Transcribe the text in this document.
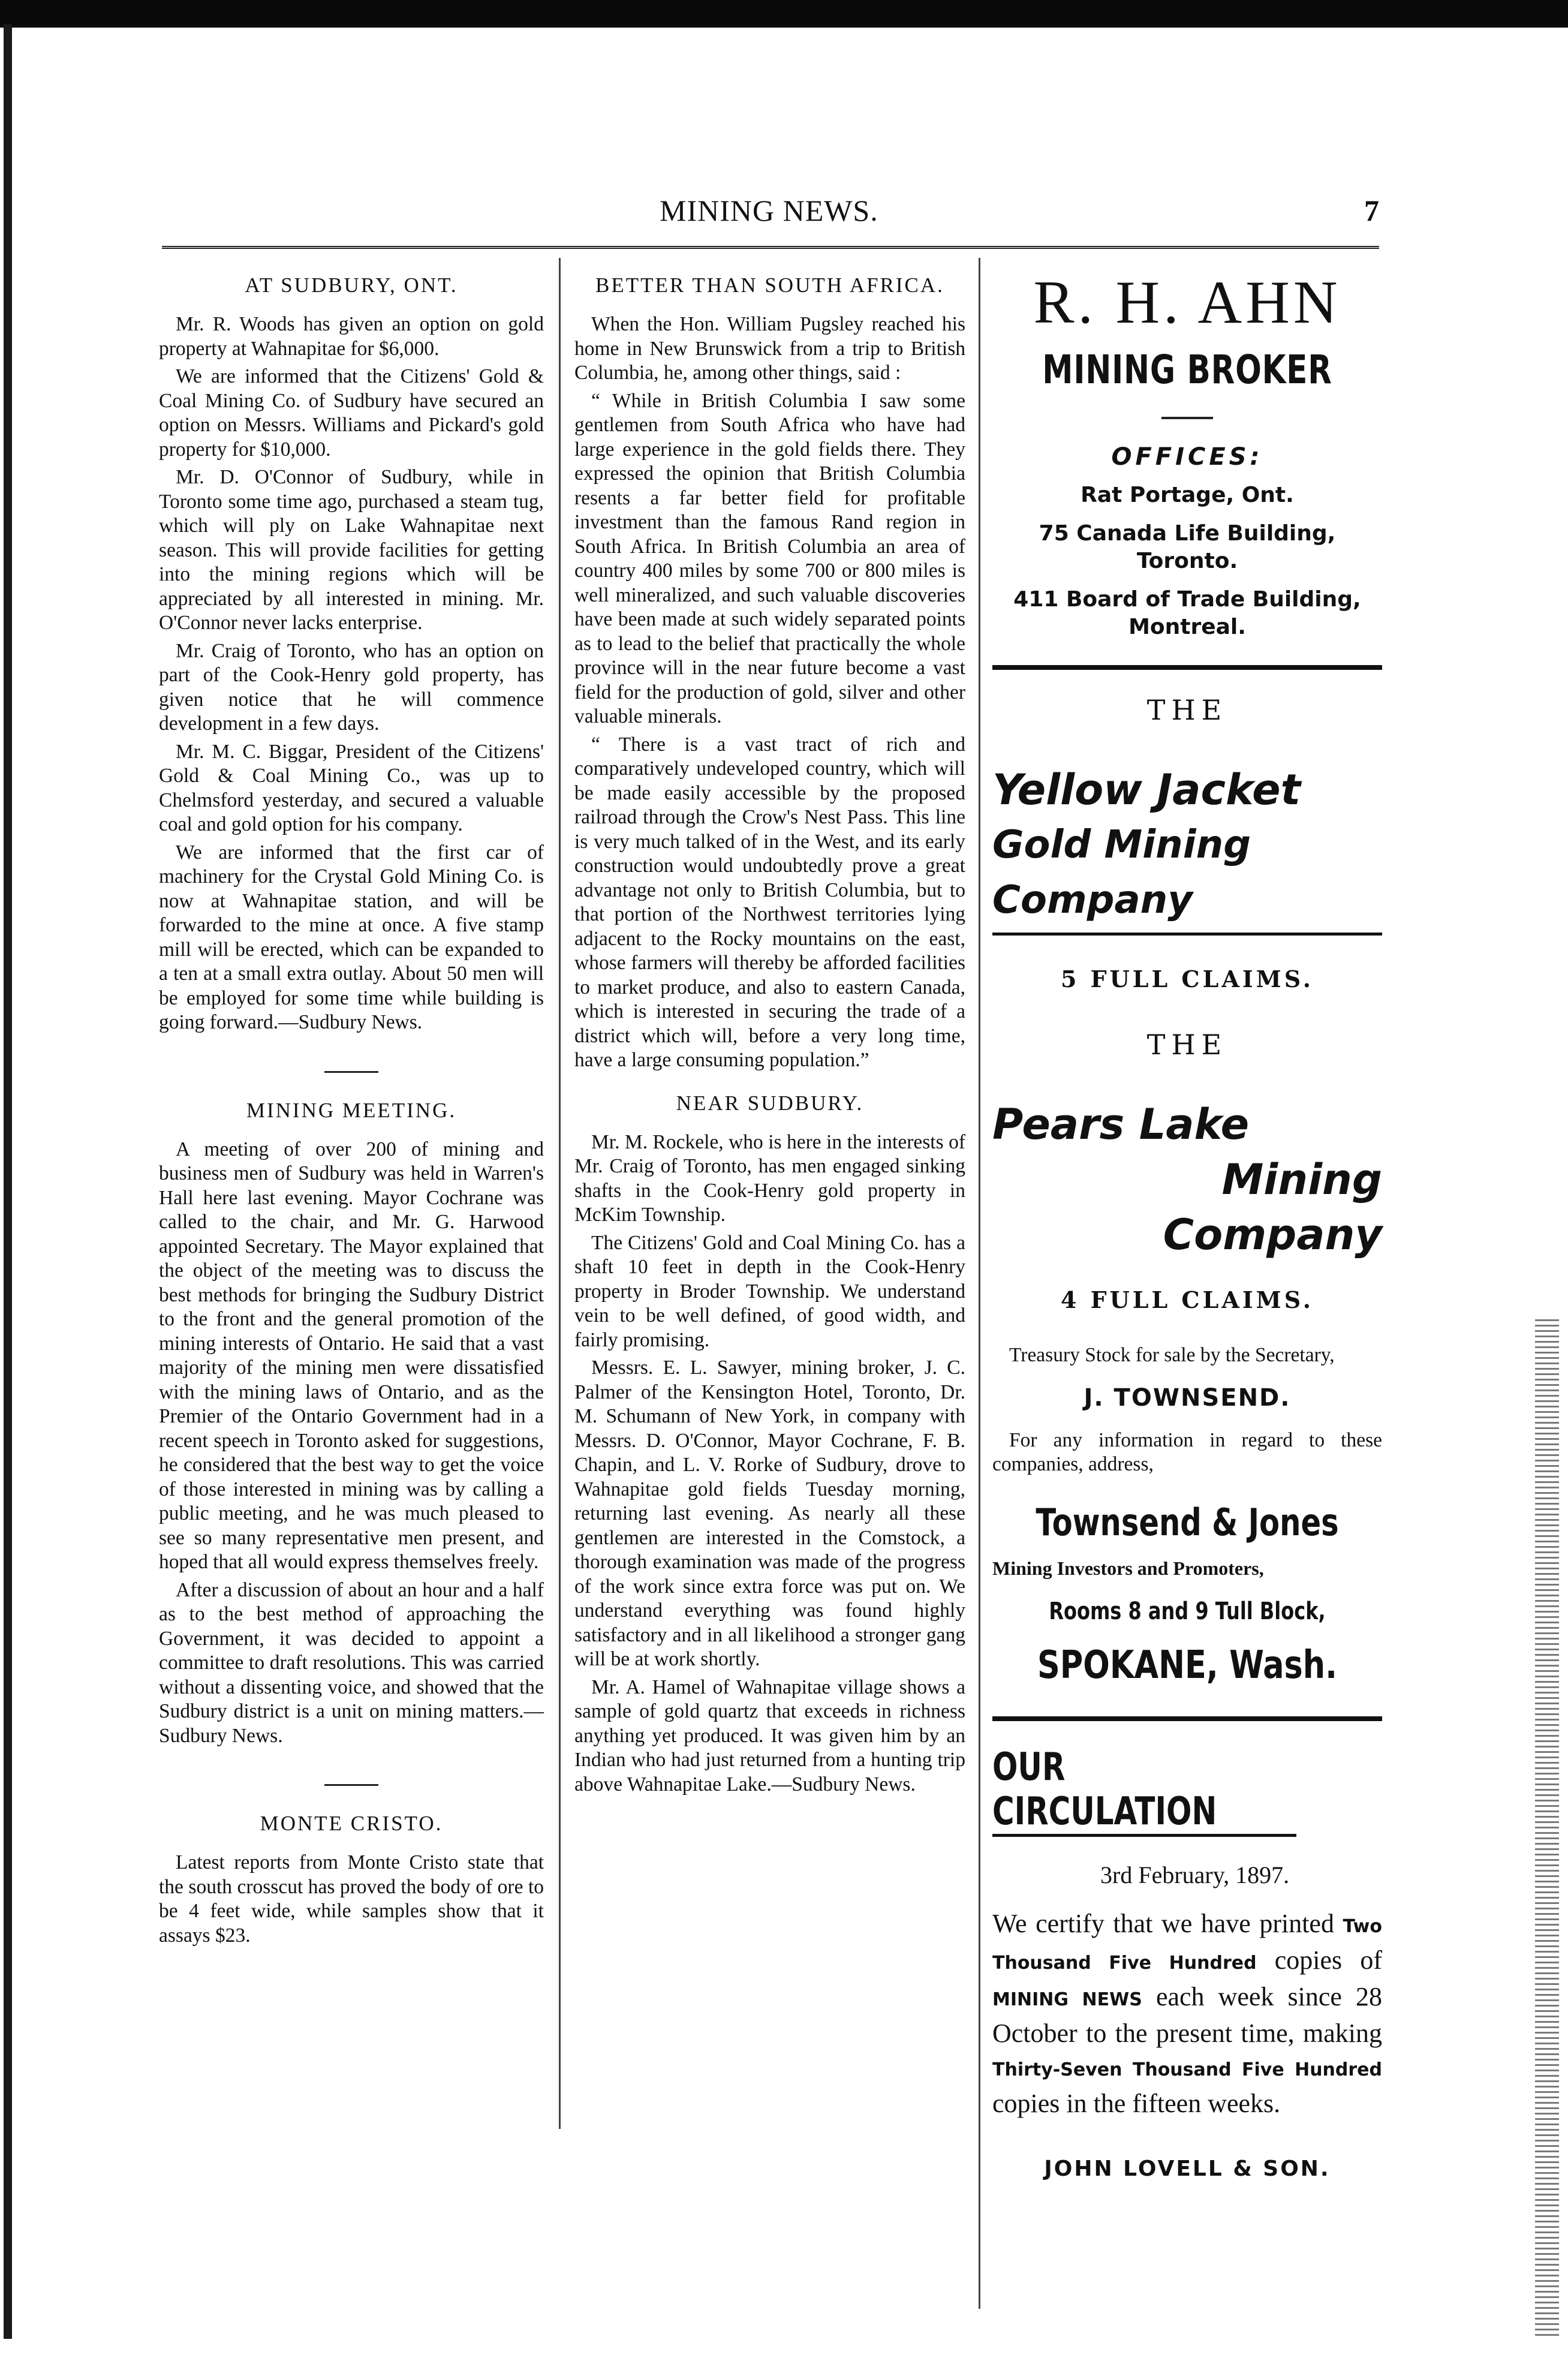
MINING NEWS.	7
AT SUDBURY, ONT.

Mr. R. Woods has given an option on gold property at Wahnapitae for $6,000.

We are informed that the Citizens' Gold & Coal Mining Co. of Sudbury have secured an option on Messrs. Williams and Pickard's gold property for $10,000.

Mr. D. O'Connor of Sudbury, while in Toronto some time ago, purchased a steam tug, which will ply on Lake Wahnapitae next season. This will provide facilities for getting into the mining regions which will be appreciated by all interested in mining. Mr. O'Connor never lacks enterprise.

Mr. Craig of Toronto, who has an option on part of the Cook-Henry gold property, has given notice that he will commence development in a few days.

Mr. M. C. Biggar, President of the Citizens' Gold & Coal Mining Co., was up to Chelmsford yesterday, and secured a valuable coal and gold option for his company.

We are informed that the first car of machinery for the Crystal Gold Mining Co. is now at Wahnapitae station, and will be forwarded to the mine at once. A five stamp mill will be erected, which can be expanded to a ten at a small extra outlay. About 50 men will be employed for some time while building is going forward.—Sudbury News.

MINING MEETING.

A meeting of over 200 of mining and business men of Sudbury was held in Warren's Hall here last evening. Mayor Cochrane was called to the chair, and Mr. G. Harwood appointed Secretary. The Mayor explained that the object of the meeting was to discuss the best methods for bringing the Sudbury District to the front and the general promotion of the mining interests of Ontario. He said that a vast majority of the mining men were dissatisfied with the mining laws of Ontario, and as the Premier of the Ontario Government had in a recent speech in Toronto asked for suggestions, he considered that the best way to get the voice of those interested in mining was by calling a public meeting, and he was much pleased to see so many representative men present, and hoped that all would express themselves freely.

After a discussion of about an hour and a half as to the best method of approaching the Government, it was decided to appoint a committee to draft resolutions. This was carried without a dissenting voice, and showed that the Sudbury district is a unit on mining matters.—Sudbury News.

MONTE CRISTO.

Latest reports from Monte Cristo state that the south crosscut has proved the body of ore to be 4 feet wide, while samples show that it assays $23.

BETTER THAN SOUTH AFRICA.

When the Hon. William Pugsley reached his home in New Brunswick from a trip to British Columbia, he, among other things, said :

“ While in British Columbia I saw some gentlemen from South Africa who have had large experience in the gold fields there. They expressed the opinion that British Columbia resents a far better field for profitable investment than the famous Rand region in South Africa. In British Columbia an area of country 400 miles by some 700 or 800 miles is well mineralized, and such valuable discoveries have been made at such widely separated points as to lead to the belief that practically the whole province will in the near future become a vast field for the production of gold, silver and other valuable minerals.

“ There is a vast tract of rich and comparatively undeveloped country, which will be made easily accessible by the proposed railroad through the Crow's Nest Pass. This line is very much talked of in the West, and its early construction would undoubtedly prove a great advantage not only to British Columbia, but to that portion of the Northwest territories lying adjacent to the Rocky mountains on the east, whose farmers will thereby be afforded facilities to market produce, and also to eastern Canada, which is interested in securing the trade of a district which will, before a very long time, have a large consuming population.”

NEAR SUDBURY.

Mr. M. Rockele, who is here in the interests of Mr. Craig of Toronto, has men engaged sinking shafts in the Cook-Henry gold property in McKim Township.

The Citizens' Gold and Coal Mining Co. has a shaft 10 feet in depth in the Cook-Henry property in Broder Township. We understand vein to be well defined, of good width, and fairly promising.

Messrs. E. L. Sawyer, mining broker, J. C. Palmer of the Kensington Hotel, Toronto, Dr. M. Schumann of New York, in company with Messrs. D. O'Connor, Mayor Cochrane, F. B. Chapin, and L. V. Rorke of Sudbury, drove to Wahnapitae gold fields Tuesday morning, returning last evening. As nearly all these gentlemen are interested in the Comstock, a thorough examination was made of the progress of the work since extra force was put on. We understand everything was found highly satisfactory and in all likelihood a stronger gang will be at work shortly.

Mr. A. Hamel of Wahnapitae village shows a sample of gold quartz that exceeds in richness anything yet produced. It was given him by an Indian who had just returned from a hunting trip above Wahnapitae Lake.—Sudbury News.

R. H. AHN
MINING BROKER
OFFICES:
Rat Portage, Ont.
75 Canada Life Building, Toronto.
411 Board of Trade Building, Montreal.
THE
Yellow Jacket
Gold Mining Company
5 FULL CLAIMS.
THE
Pears Lake
Mining Company
4 FULL CLAIMS.

Treasury Stock for sale by the Secretary,

J. TOWNSEND.

For any information in regard to these companies, address,

Townsend & Jones
Mining Investors and Promoters,
Rooms 8 and 9 Tull Block,
SPOKANE, Wash.
OUR CIRCULATION
3rd February, 1897.
We certify that we have printed Two Thousand Five Hundred copies of MINING NEWS each week since 28 October to the present time, making Thirty-Seven Thousand Five Hundred copies in the fifteen weeks.
JOHN LOVELL & SON.
